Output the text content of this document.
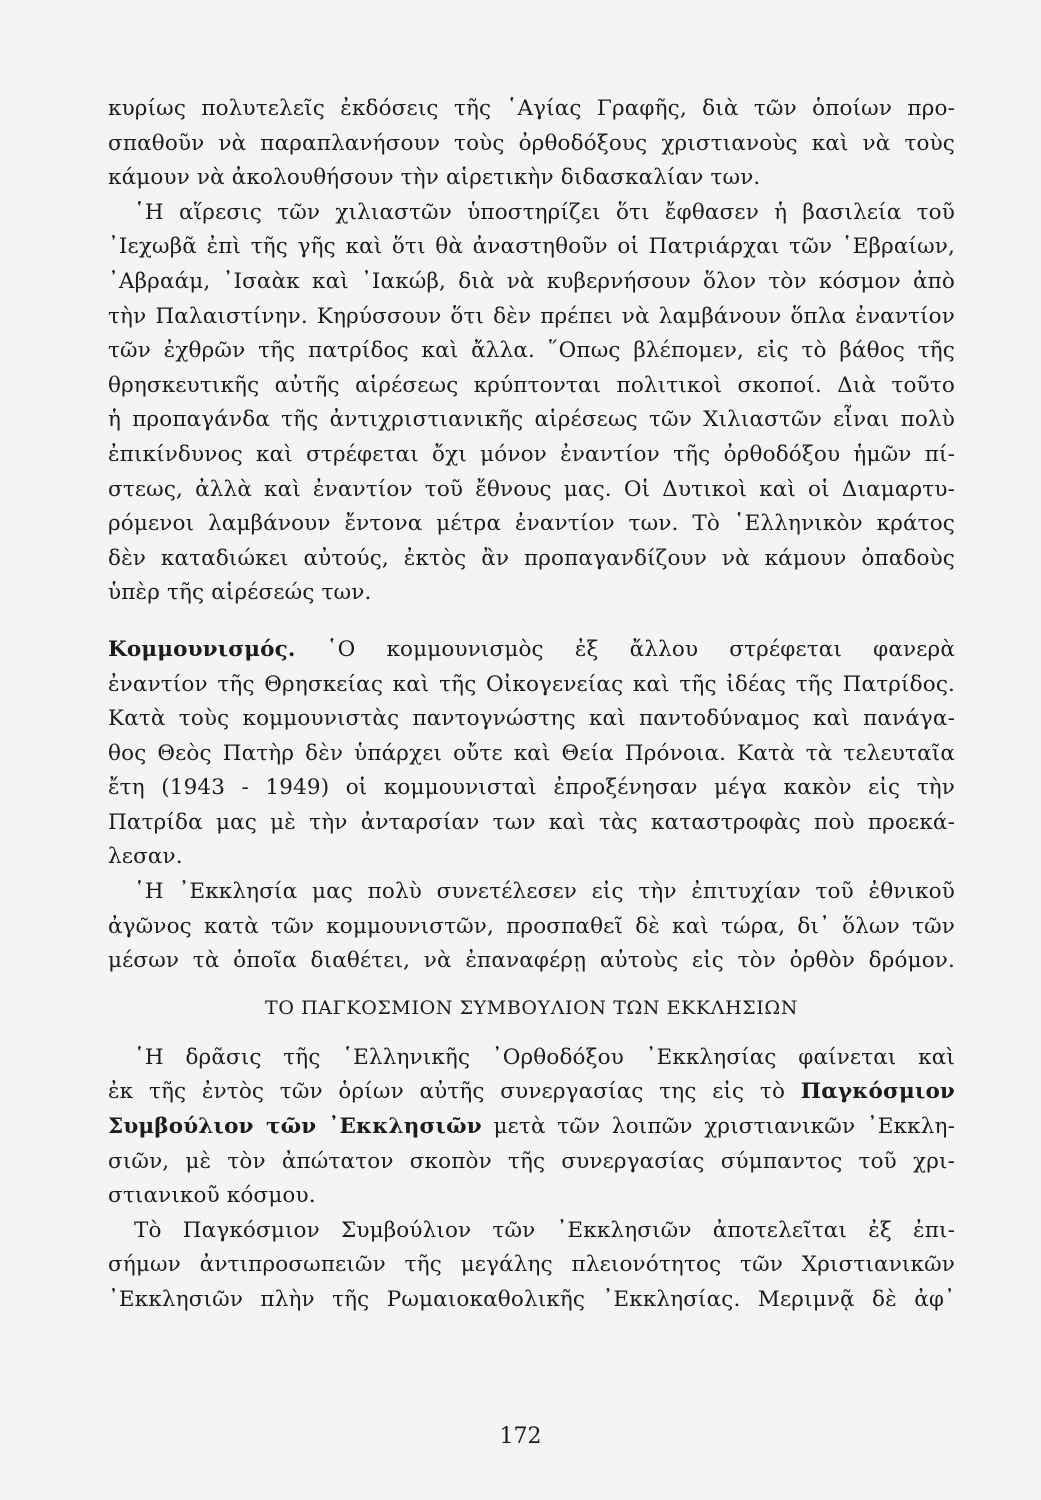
κυρίως πολυτελεῖς ἐκδόσεις τῆς ῾Αγίας Γραφῆς, διὰ τῶν ὁποίων προ-
σπαθοῦν νὰ παραπλανήσουν τοὺς ὀρθοδόξους χριστιανοὺς καὶ νὰ τοὺς
κάμουν νὰ ἀκολουθήσουν τὴν αἱρετικὴν διδασκαλίαν των.
῾Η αἵρεσις τῶν χιλιαστῶν ὑποστηρίζει ὅτι ἔφθασεν ἡ βασιλεία τοῦ
᾿Ιεχωβᾶ ἐπὶ τῆς γῆς καὶ ὅτι θὰ ἀναστηθοῦν οἱ Πατριάρχαι τῶν ῾Εβραίων,
᾿Αβραάμ, ᾿Ισαὰκ καὶ ᾿Ιακώβ, διὰ νὰ κυβερνήσουν ὅλον τὸν κόσμον ἀπὸ
τὴν Παλαιστίνην. Κηρύσσουν ὅτι δὲν πρέπει νὰ λαμβάνουν ὅπλα ἐναντίον
τῶν ἐχθρῶν τῆς πατρίδος καὶ ἄλλα. ῞Οπως βλέπομεν, εἰς τὸ βάθος τῆς
θρησκευτικῆς αὐτῆς αἱρέσεως κρύπτονται πολιτικοὶ σκοποί. Διὰ τοῦτο
ἡ προπαγάνδα τῆς ἀντιχριστιανικῆς αἱρέσεως τῶν Χιλιαστῶν εἶναι πολὺ
ἐπικίνδυνος καὶ στρέφεται ὄχι μόνον ἐναντίον τῆς ὀρθοδόξου ἡμῶν πί-
στεως, ἀλλὰ καὶ ἐναντίον τοῦ ἔθνους μας. Οἱ Δυτικοὶ καὶ οἱ Διαμαρτυ-
ρόμενοι λαμβάνουν ἔντονα μέτρα ἐναντίον των. Τὸ ῾Ελληνικὸν κράτος
δὲν καταδιώκει αὐτούς, ἐκτὸς ἂν προπαγανδίζουν νὰ κάμουν ὀπαδοὺς
ὑπὲρ τῆς αἱρέσεώς των.
Κομμουνισμός. ῾Ο κομμουνισμὸς ἐξ ἄλλου στρέφεται φανερὰ
ἐναντίον τῆς Θρησκείας καὶ τῆς Οἰκογενείας καὶ τῆς ἰδέας τῆς Πατρίδος.
Κατὰ τοὺς κομμουνιστὰς παντογνώστης καὶ παντοδύναμος καὶ πανάγα-
θος Θεὸς Πατὴρ δὲν ὑπάρχει οὔτε καὶ Θεία Πρόνοια. Κατὰ τὰ τελευταῖα
ἔτη (1943 - 1949) οἱ κομμουνισταὶ ἐπροξένησαν μέγα κακὸν εἰς τὴν
Πατρίδα μας μὲ τὴν ἀνταρσίαν των καὶ τὰς καταστροφὰς ποὺ προεκά-
λεσαν.
῾Η ᾿Εκκλησία μας πολὺ συνετέλεσεν εἰς τὴν ἐπιτυχίαν τοῦ ἐθνικοῦ
ἀγῶνος κατὰ τῶν κομμουνιστῶν, προσπαθεῖ δὲ καὶ τώρα, δι᾿ ὅλων τῶν
μέσων τὰ ὁποῖα διαθέτει, νὰ ἐπαναφέρῃ αὐτοὺς εἰς τὸν ὀρθὸν δρόμον.
ΤΟ ΠΑΓΚΟΣΜΙΟΝ ΣΥΜΒΟΥΛΙΟΝ ΤΩΝ ΕΚΚΛΗΣΙΩΝ
῾Η δρᾶσις τῆς ῾Ελληνικῆς ᾿Ορθοδόξου ᾿Εκκλησίας φαίνεται καὶ
ἐκ τῆς ἐντὸς τῶν ὁρίων αὐτῆς συνεργασίας της εἰς τὸ Παγκόσμιον
Συμβούλιον τῶν ᾿Εκκλησιῶν μετὰ τῶν λοιπῶν χριστιανικῶν ᾿Εκκλη-
σιῶν, μὲ τὸν ἀπώτατον σκοπὸν τῆς συνεργασίας σύμπαντος τοῦ χρι-
στιανικοῦ κόσμου.
Τὸ Παγκόσμιον Συμβούλιον τῶν ᾿Εκκλησιῶν ἀποτελεῖται ἐξ ἐπι-
σήμων ἀντιπροσωπειῶν τῆς μεγάλης πλειονότητος τῶν Χριστιανικῶν
᾿Εκκλησιῶν πλὴν τῆς Ρωμαιοκαθολικῆς ᾿Εκκλησίας. Μεριμνᾷ δὲ ἀφ᾿
172
